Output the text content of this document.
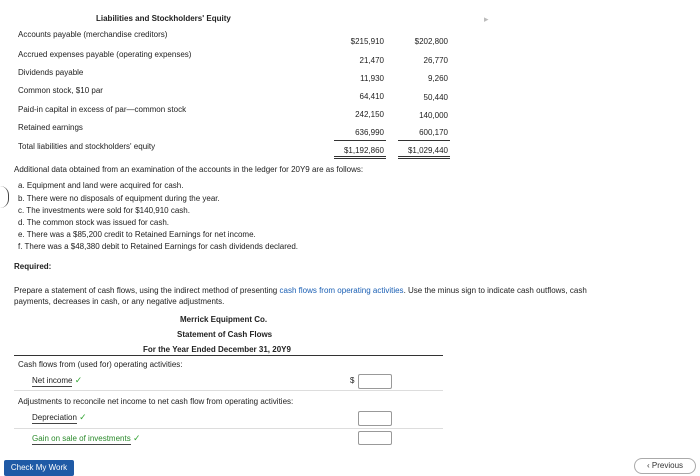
Liabilities and Stockholders' Equity
Accounts payable (merchandise creditors)
$215,910	$202,800
Accrued expenses payable (operating expenses)
21,470	26,770
Dividends payable
11,930	9,260
Common stock, $10 par
64,410	50,440
Paid-in capital in excess of par—common stock
242,150	140,000
Retained earnings
636,990	600,170
Total liabilities and stockholders' equity	$1,192,860	$1,029,440
▸
Additional data obtained from an examination of the accounts in the ledger for 20Y9 are as follows:
a. Equipment and land were acquired for cash.
b. There were no disposals of equipment during the year.
c. The investments were sold for $140,910 cash.
d. The common stock was issued for cash.
e. There was a $85,200 credit to Retained Earnings for net income.
f. There was a $48,380 debit to Retained Earnings for cash dividends declared.
Required:
Prepare a statement of cash flows, using the indirect method of presenting cash flows from operating activities. Use the minus sign to indicate cash outflows, cash
payments, decreases in cash, or any negative adjustments.
Merrick Equipment Co.
Statement of Cash Flows
For the Year Ended December 31, 20Y9
Cash flows from (used for) operating activities:
Net income ✓	$
Adjustments to reconcile net income to net cash flow from operating activities:
Depreciation ✓
Gain on sale of investments ✓
Check My Work	‹ Previous
